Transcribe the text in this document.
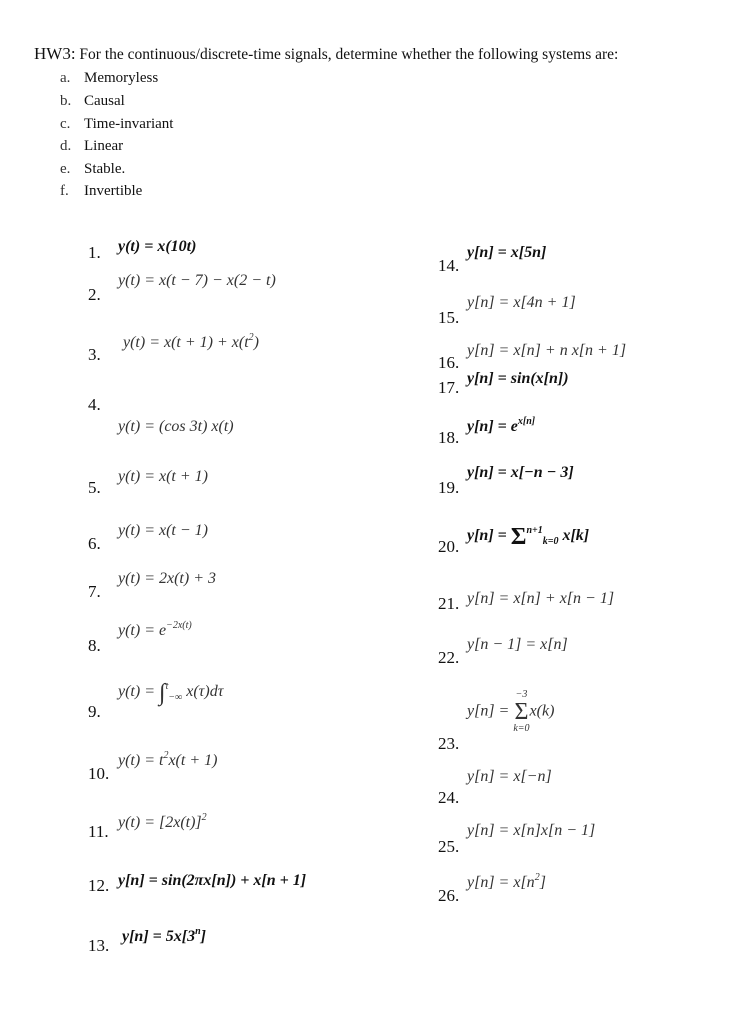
HW3: For the continuous/discrete-time signals, determine whether the following systems are:
a. Memoryless
b. Causal
c. Time-invariant
d. Linear
e. Stable.
f. Invertible
1. y(t) = x(10t)
2.
y(t) = x(t − 7) − x(2 − t)
3.
$y(t) = x(t + 1) + x(t^2)$
4.
y(t) = (cos 3t) x(t)
5.
y(t) = x(t + 1)
6.
y(t) = x(t − 1)
7.
y(t) = 2x(t) + 3
8.
$y(t) = e^{-2x(t)}$
9.
y(t) = ∫$^t_{-\infty}$ x(τ)dτ
10.
$y(t) = t^2x(t + 1)$
11. $y(t) = [2x(t)]^2$
12. y[n] = sin(2πx[n]) + x[n + 1]
13. $y[n] = 5x[3^n]$
14.
y[n] = x[5n]
15.
y[n] = x[4n + 1]
16.
y[n] = x[n] + n x[n + 1]
17. y[n] = sin(x[n])
18.
$y[n] = e^{x[n]}$
19.
y[n] = x[−n − 3]
20.
$y[n] = \Sigma^{n+1}_{k=0}$ x[k]
21. y[n] = x[n] + x[n − 1]
22.
y[n − 1] = x[n]
23.
y[n] =
−3
Σ
k=0
x(k)
24.
y[n] = x[−n]
25.
y[n] = x[n]x[n − 1]
26.
$y[n] = x[n^2]$
